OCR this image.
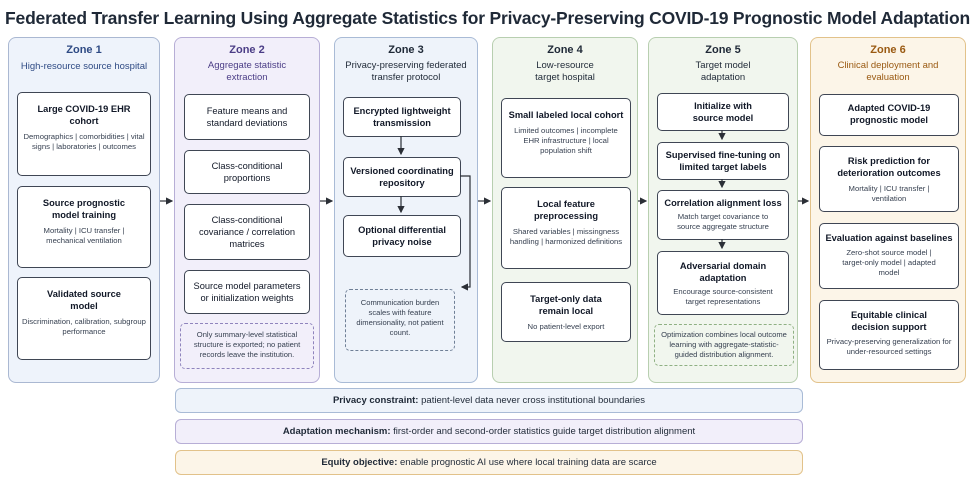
Federated Transfer Learning Using Aggregate Statistics for Privacy-Preserving COVID-19 Prognostic Model Adaptation
Zone 1
High-resource source hospital
Large COVID-19 EHR cohort
Demographics | comorbidities | vital signs | laboratories | outcomes
Source prognostic model training
Mortality | ICU transfer | mechanical ventilation
Validated source model
Discrimination, calibration, subgroup performance
Zone 2
Aggregate statistic extraction
Feature means and standard deviations
Class-conditional proportions
Class-conditional covariance / correlation matrices
Source model parameters or initialization weights
Only summary-level statistical structure is exported; no patient records leave the institution.
Zone 3
Privacy-preserving federated transfer protocol
Encrypted lightweight transmission
Versioned coordinating repository
Optional differential privacy noise
Communication burden scales with feature dimensionality, not patient count.
Zone 4
Low-resource target hospital
Small labeled local cohort
Limited outcomes | incomplete EHR infrastructure | local population shift
Local feature preprocessing
Shared variables | missingness handling | harmonized definitions
Target-only data remain local
No patient-level export
Zone 5
Target model adaptation
Initialize with source model
Supervised fine-tuning on limited target labels
Correlation alignment loss
Match target covariance to source aggregate structure
Adversarial domain adaptation
Encourage source-consistent target representations
Optimization combines local outcome learning with aggregate-statistic-guided distribution alignment.
Zone 6
Clinical deployment and evaluation
Adapted COVID-19 prognostic model
Risk prediction for deterioration outcomes
Mortality | ICU transfer | ventilation
Evaluation against baselines
Zero-shot source model | target-only model | adapted model
Equitable clinical decision support
Privacy-preserving generalization for under-resourced settings
Privacy constraint: patient-level data never cross institutional boundaries
Adaptation mechanism: first-order and second-order statistics guide target distribution alignment
Equity objective: enable prognostic AI use where local training data are scarce
